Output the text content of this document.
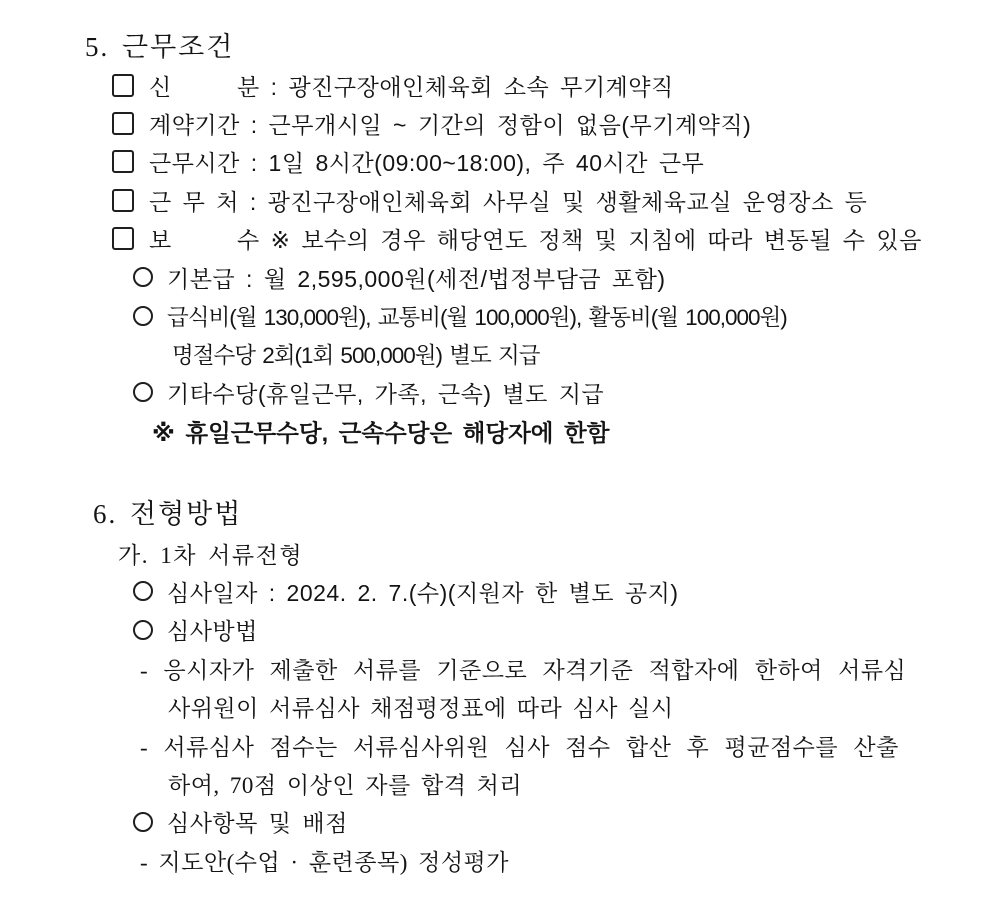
5. 근무조건
신      분 : 광진구장애인체육회 소속 무기계약직
계약기간 : 근무개시일 ~ 기간의 정함이 없음(무기계약직)
근무시간 : 1일 8시간(09:00~18:00), 주 40시간 근무
근 무 처 : 광진구장애인체육회 사무실 및 생활체육교실 운영장소 등
보      수 ※ 보수의 경우 해당연도 정책 및 지침에 따라 변동될 수 있음
기본급 : 월 2,595,000원(세전/법정부담금 포함)
급식비(월 130,000원), 교통비(월 100,000원), 활동비(월 100,000원)
명절수당 2회(1회 500,000원) 별도 지급
기타수당(휴일근무, 가족, 근속) 별도 지급
※ 휴일근무수당, 근속수당은 해당자에 한함
6. 전형방법
가. 1차 서류전형
심사일자 : 2024. 2. 7.(수)(지원자 한 별도 공지)
심사방법
- 응시자가 제출한 서류를 기준으로 자격기준 적합자에 한하여 서류심
사위원이 서류심사 채점평정표에 따라 심사 실시
- 서류심사 점수는 서류심사위원 심사 점수 합산 후 평균점수를 산출
하여, 70점 이상인 자를 합격 처리
심사항목 및 배점
- 지도안(수업 · 훈련종목) 정성평가
